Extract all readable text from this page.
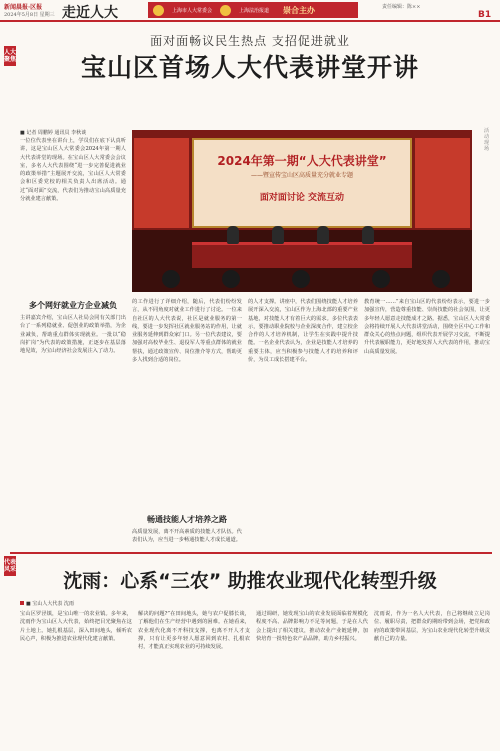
新闻晨报·区报
2024年5月8日 星期三 走近人大	上海市人大常委会	上海法治报道 崇合主办	责任编辑：陈××
B1
人大聚焦
面对面畅议民生热点 支招促进就业
宝山区首场人大代表讲堂开讲
■ 记者 周鹏婷 通讯员 李秋谈	活动现场
2024年第一期“人大代表讲堂”
——暨宣传宝山区高质量充分就业专题
面对面讨论 交流互动
一位位代表坐在讲台上，学员们在底下认真听讲，这是宝山区人大常委会2024年第一期人大代表讲堂的现场。在宝山区人大常委会会议室，多名人大代表围绕“进一步完善促进就业的政策举措”主题展开交流，宝山区人大常委会和区委党校的相关负责人出席活动。通过“面对面”交流，代表们为推动宝山高质量充分就业建言献策。
多个网好就业方企业减负
主讲嘉宾介绍，宝山区人社局会同有关部门出台了一系列稳就业、促创业的政策举措，为企业减负，帮助重点群体实现就业。一批以“稳岗扩岗”为代表的政策措施，正逐步在基层落地见效，为宝山经济社会发展注入了动力。
的工作进行了详细介绍，随后，代表们纷纷发言，从不同角度对就业工作进行了讨论。一位来自社区的人大代表说，社区是就业服务的第一线，要进一步发挥社区就业服务站的作用，让就业服务延伸到群众家门口。另一位代表建议，要加强对高校毕业生、退役军人等重点群体的就业帮扶，通过政策宣传、岗位推介等方式，帮助更多人找到合适的岗位。
畅通技能人才培养之路
高质量发展，离不开高素质的技能人才队伍。代表们认为，应当进一步畅通技能人才成长通道。
的人才支撑。讲座中，代表们围绕技能人才培养展开深入交流，宝山区作为上海北部的重要产业基地，对技能人才有着巨大的需求。多位代表表示，要推动职业院校与企业深度合作，建立校企合作的人才培养机制，让学生在实践中提升技能。一名企业代表认为，企业是技能人才培养的重要主体，应当积极参与技能人才的培养和评价，为员工成长搭建平台。
教育统一……”来自宝山区的代表纷纷表示，要进一步加强宣传，营造尊重技能、崇尚技能的社会氛围，让更多年轻人愿意走技能成才之路。据悉，宝山区人大常委会将持续开展人大代表讲堂活动，围绕全区中心工作和群众关心的热点问题，组织代表开展学习交流，不断提升代表履职能力，更好地发挥人大代表的作用，推动宝山高质量发展。
代表风采
沈雨：心系“三农” 助推农业现代化转型升级
■ 宝山人大代表 沈雨
宝山区罗泾镇，是宝山唯一的农业镇。多年来，沈雨作为宝山区人大代表，始终把目光聚焦在这片土地上。她扎根基层，深入田间地头，倾听农民心声，积极为推进农业现代化建言献策。
解决的问题?”在田间地头，她与农户促膝长谈，了解他们在生产经营中遇到的困难。在她看来，农业现代化离不开科技支撑，也离不开人才支撑，只有让更多年轻人愿意回到农村、扎根农村，才能真正实现农业的可持续发展。
通过调研，她发现宝山的农业发展面临着规模化程度不高、品牌影响力不足等问题，于是在人代会上提出了相关建议，推动农业产业链延伸，加快培育一批特色农产品品牌，助力乡村振兴。
沈雨说，作为一名人大代表，自己将继续立足岗位、履职尽责，把群众的期盼带到会场，把党和政府的政策带回基层，为宝山农业现代化转型升级贡献自己的力量。
